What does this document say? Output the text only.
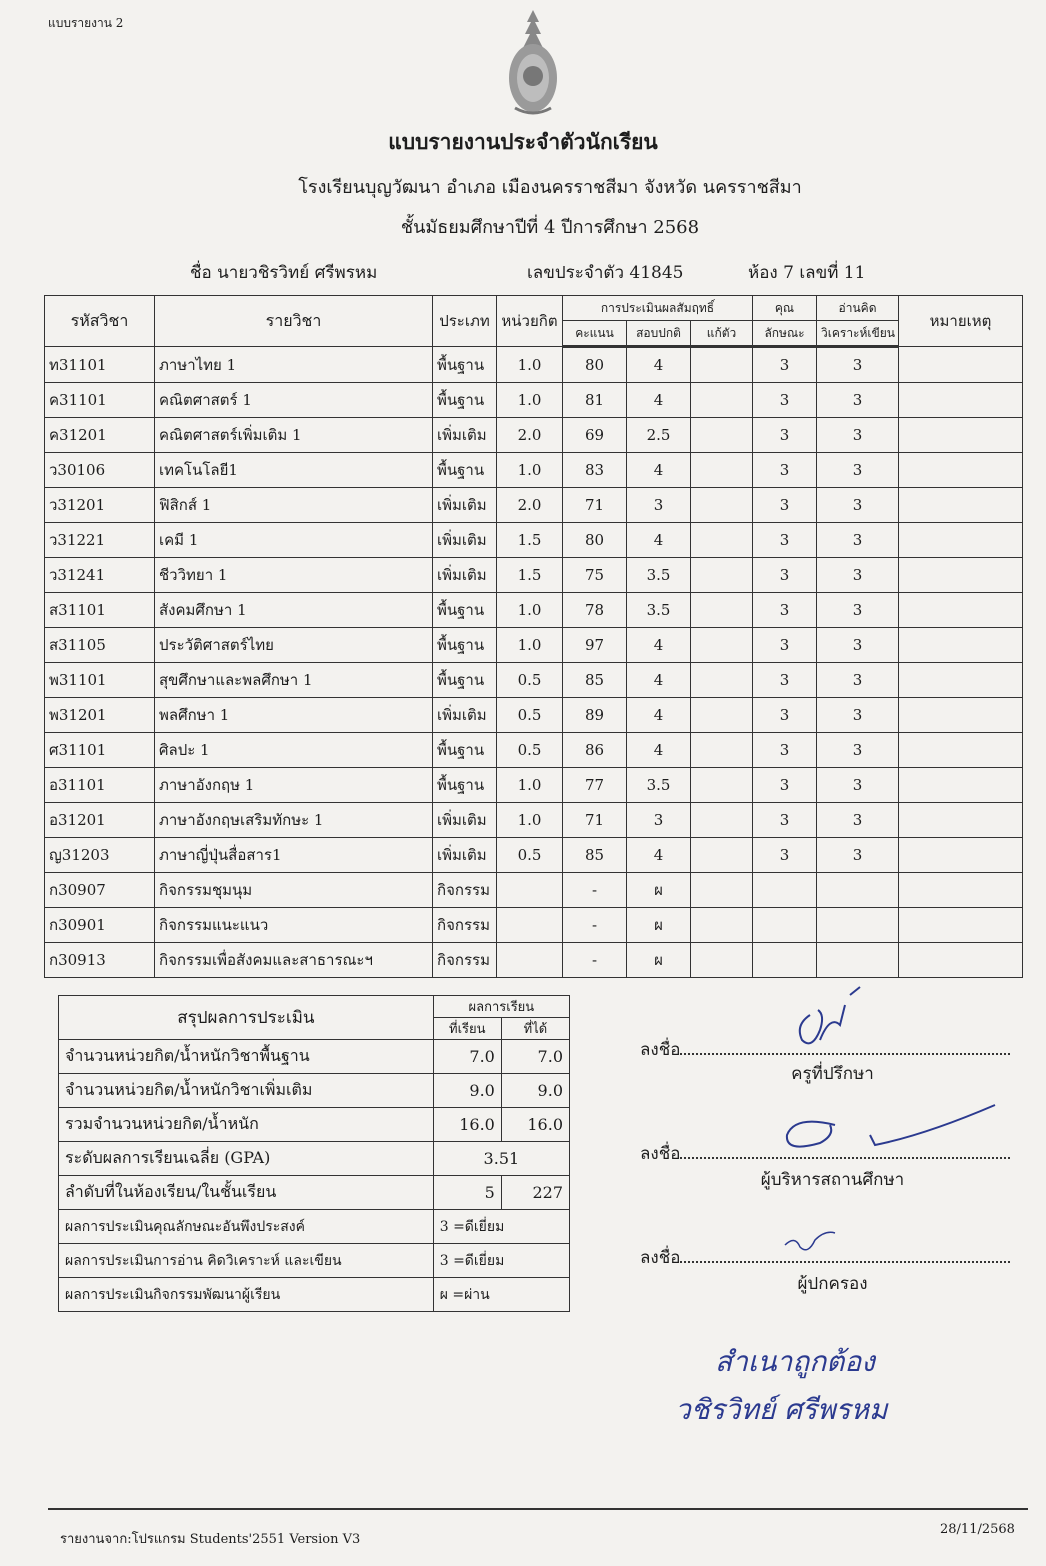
แบบรายงาน 2
แบบรายงานประจำตัวนักเรียน
โรงเรียนบุญวัฒนา อำเภอ เมืองนครราชสีมา จังหวัด นครราชสีมา
ชั้นมัธยมศึกษาปีที่ 4 ปีการศึกษา 2568
ชื่อ นายวชิรวิทย์ ศรีพรหม	เลขประจำตัว 41845	ห้อง 7 เลขที่ 11
รหัสวิชา	รายวิชา	ประเภท	หน่วยกิต	การประเมินผลสัมฤทธิ์			คุณ	อ่านคิด	หมายเหตุ
				คะแนน	สอบปกติ	แก้ตัว	ลักษณะ	วิเคราะห์เขียน	
ท31101	ภาษาไทย 1	พื้นฐาน	1.0	80	4		3	3	
ค31101	คณิตศาสตร์ 1	พื้นฐาน	1.0	81	4		3	3	
ค31201	คณิตศาสตร์เพิ่มเติม 1	เพิ่มเติม	2.0	69	2.5		3	3	
ว30106	เทคโนโลยี1	พื้นฐาน	1.0	83	4		3	3	
ว31201	ฟิสิกส์ 1	เพิ่มเติม	2.0	71	3		3	3	
ว31221	เคมี 1	เพิ่มเติม	1.5	80	4		3	3	
ว31241	ชีววิทยา 1	เพิ่มเติม	1.5	75	3.5		3	3	
ส31101	สังคมศึกษา 1	พื้นฐาน	1.0	78	3.5		3	3	
ส31105	ประวัติศาสตร์ไทย	พื้นฐาน	1.0	97	4		3	3	
พ31101	สุขศึกษาและพลศึกษา 1	พื้นฐาน	0.5	85	4		3	3	
พ31201	พลศึกษา 1	เพิ่มเติม	0.5	89	4		3	3	
ศ31101	ศิลปะ 1	พื้นฐาน	0.5	86	4		3	3	
อ31101	ภาษาอังกฤษ 1	พื้นฐาน	1.0	77	3.5		3	3	
อ31201	ภาษาอังกฤษเสริมทักษะ 1	เพิ่มเติม	1.0	71	3		3	3	
ญ31203	ภาษาญี่ปุ่นสื่อสาร1	เพิ่มเติม	0.5	85	4		3	3	
ก30907	กิจกรรมชุมนุม	กิจกรรม		-	ผ				
ก30901	กิจกรรมแนะแนว	กิจกรรม		-	ผ				
ก30913	กิจกรรมเพื่อสังคมและสาธารณะฯ	กิจกรรม		-	ผ				
สรุปผลการประเมิน	ผลการเรียน	
	ที่เรียน	ที่ได้
จำนวนหน่วยกิต/น้ำหนักวิชาพื้นฐาน	7.0	7.0
จำนวนหน่วยกิต/น้ำหนักวิชาเพิ่มเติม	9.0	9.0
รวมจำนวนหน่วยกิต/น้ำหนัก	16.0	16.0
ระดับผลการเรียนเฉลี่ย (GPA)	3.51	
ลำดับที่ในห้องเรียน/ในชั้นเรียน	5	227
ผลการประเมินคุณลักษณะอันพึงประสงค์	3 =ดีเยี่ยม	
ผลการประเมินการอ่าน คิดวิเคราะห์ และเขียน	3 =ดีเยี่ยม	
ผลการประเมินกิจกรรมพัฒนาผู้เรียน	ผ =ผ่าน	
ลงชื่อ
ครูที่ปรึกษา
ลงชื่อ
ผู้บริหารสถานศึกษา
ลงชื่อ
ผู้ปกครอง
สำเนาถูกต้อง
วชิรวิทย์ ศรีพรหม
รายงานจาก:โปรแกรม Students'2551 Version V3
28/11/2568
